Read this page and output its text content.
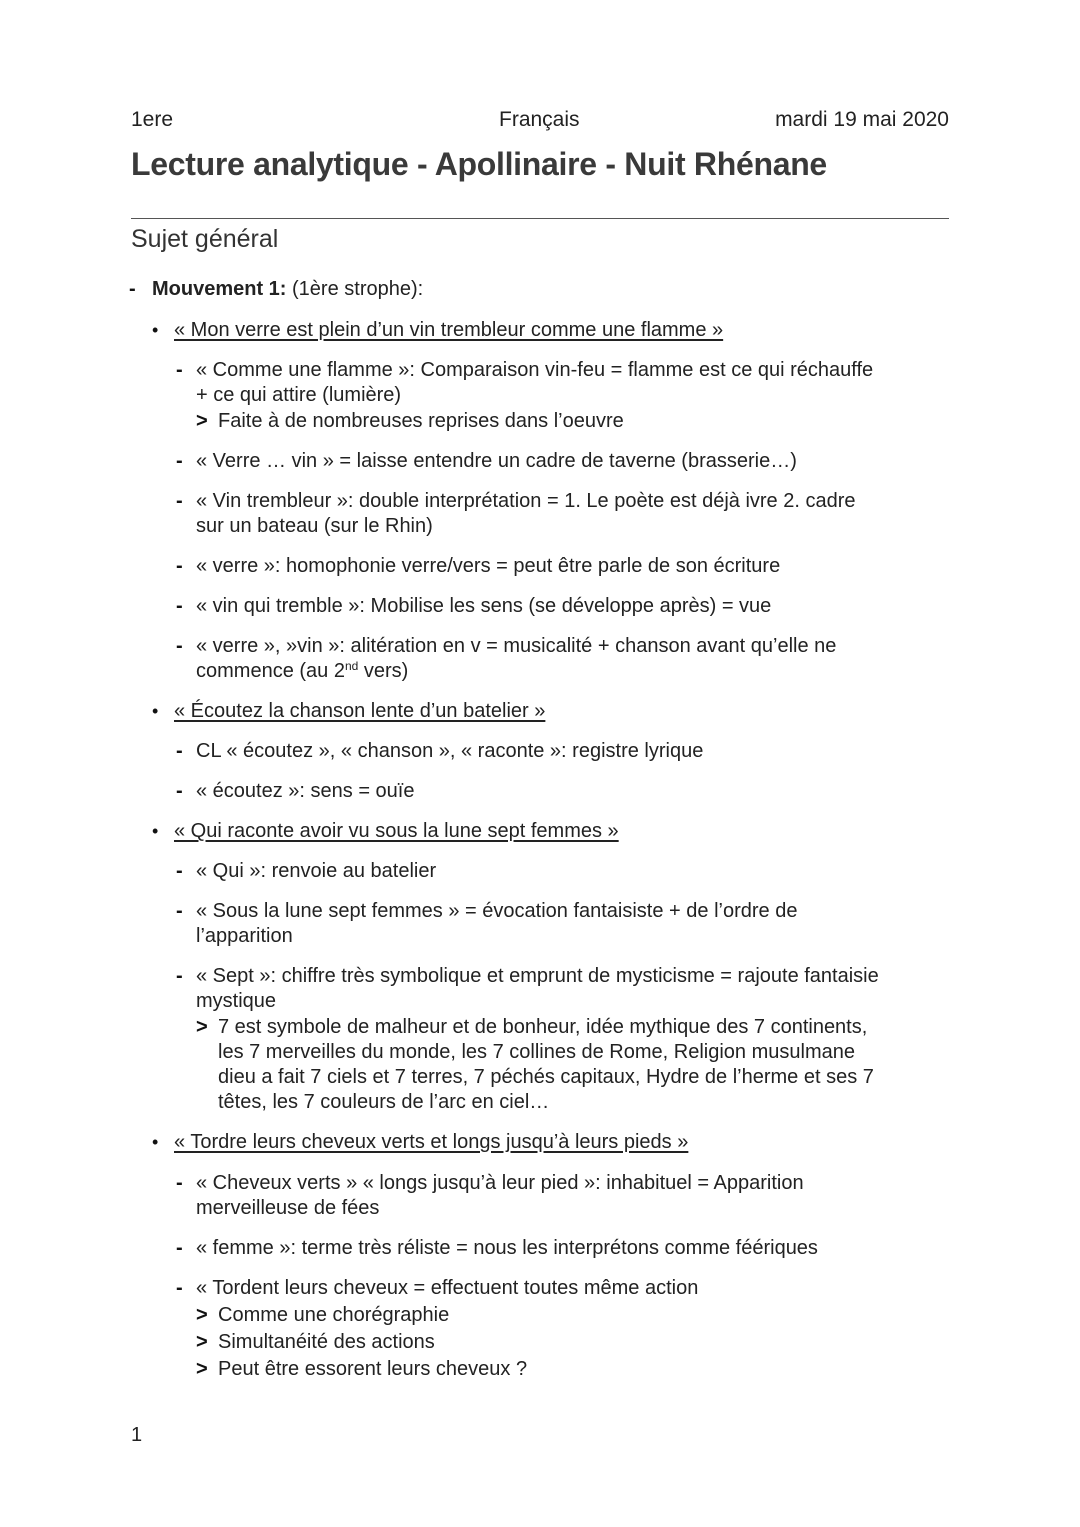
1ere	Français	mardi 19 mai 2020
Lecture analytique - Apollinaire - Nuit Rhénane
Sujet général
- Mouvement 1: (1ère strophe):
• « Mon verre est plein d’un vin trembleur comme une flamme »
- « Comme une flamme »: Comparaison vin-feu = flamme est ce qui réchauffe
+ ce qui attire (lumière)
> Faite à de nombreuses reprises dans l’oeuvre
- « Verre … vin » = laisse entendre un cadre de taverne (brasserie…)
- « Vin trembleur »: double interprétation = 1. Le poète est déjà ivre 2. cadre
sur un bateau (sur le Rhin)
- « verre »: homophonie verre/vers = peut être parle de son écriture
- « vin qui tremble »: Mobilise les sens (se développe après) = vue
- « verre », »vin »: alitération en v = musicalité + chanson avant qu’elle ne
commence (au 2nd vers)
• « Écoutez la chanson lente d’un batelier »
- CL « écoutez », « chanson », « raconte »: registre lyrique
- « écoutez »: sens = ouïe
• « Qui raconte avoir vu sous la lune sept femmes »
- « Qui »: renvoie au batelier
- « Sous la lune sept femmes » = évocation fantaisiste + de l’ordre de
l’apparition
- « Sept »: chiffre très symbolique et emprunt de mysticisme = rajoute fantaisie
mystique
> 7 est symbole de malheur et de bonheur, idée mythique des 7 continents,
les 7 merveilles du monde, les 7 collines de Rome, Religion musulmane
dieu a fait 7 ciels et 7 terres, 7 péchés capitaux, Hydre de l’herme et ses 7
têtes, les 7 couleurs de l’arc en ciel…
• « Tordre leurs cheveux verts et longs jusqu’à leurs pieds »
- « Cheveux verts » « longs jusqu’à leur pied »: inhabituel = Apparition
merveilleuse de fées
- « femme »: terme très réliste = nous les interprétons comme féériques
- « Tordent leurs cheveux = effectuent toutes même action
> Comme une chorégraphie
> Simultanéité des actions
> Peut être essorent leurs cheveux ?
1
